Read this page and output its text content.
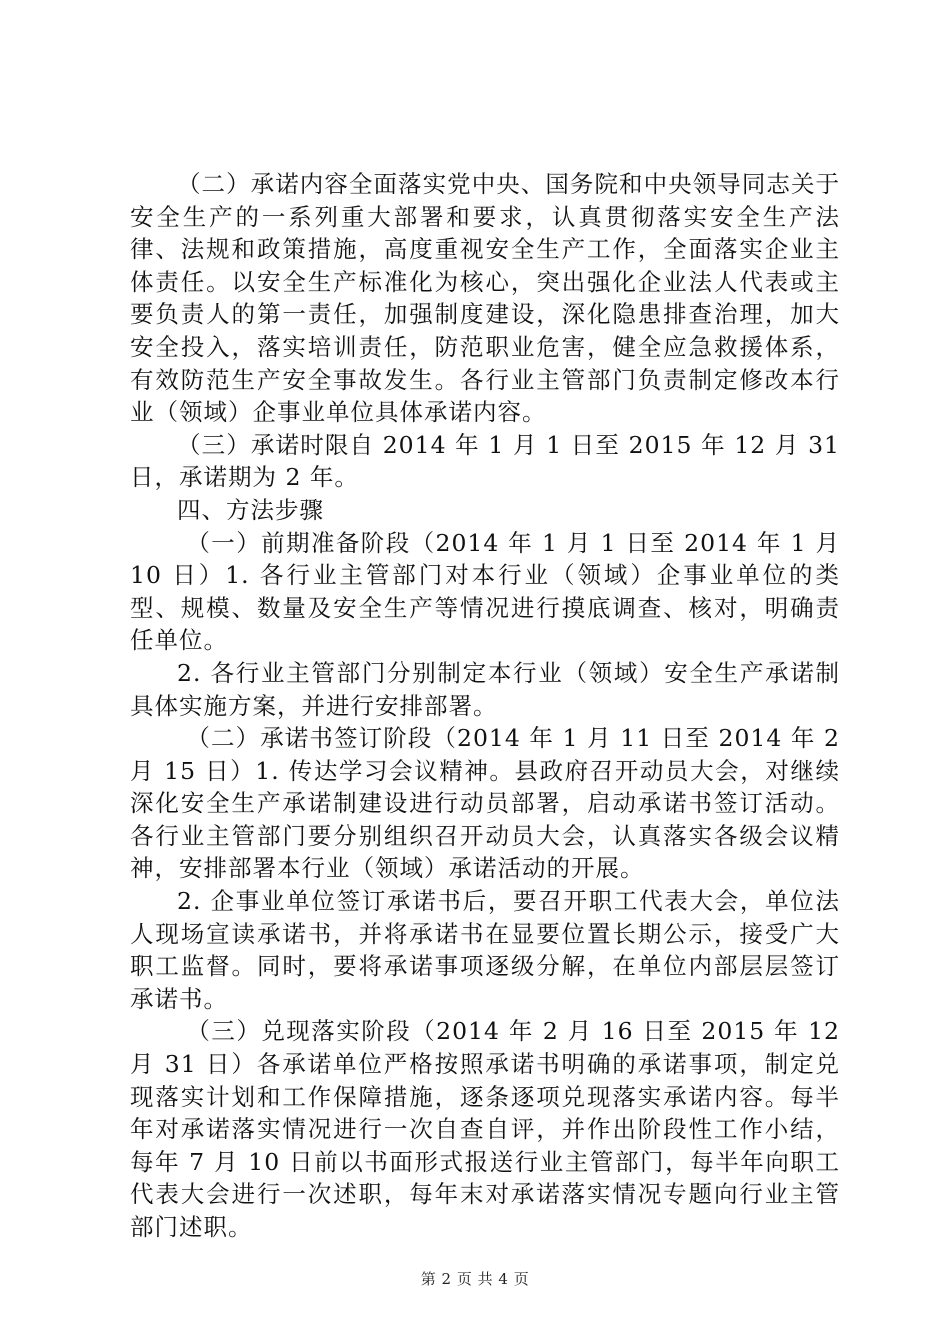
（二）承诺内容全面落实党中央、国务院和中央领导同志关于安全生产的一系列重大部署和要求，认真贯彻落实安全生产法律、法规和政策措施，高度重视安全生产工作，全面落实企业主体责任。以安全生产标准化为核心，突出强化企业法人代表或主要负责人的第一责任，加强制度建设，深化隐患排查治理，加大安全投入，落实培训责任，防范职业危害，健全应急救援体系，有效防范生产安全事故发生。各行业主管部门负责制定修改本行业（领域）企事业单位具体承诺内容。

（三）承诺时限自 2014 年 1 月 1 日至 2015 年 12 月 31 日，承诺期为 2 年。

四、方法步骤

（一）前期准备阶段（2014 年 1 月 1 日至 2014 年 1 月 10 日）1. 各行业主管部门对本行业（领域）企事业单位的类型、规模、数量及安全生产等情况进行摸底调查、核对，明确责任单位。

2. 各行业主管部门分别制定本行业（领域）安全生产承诺制具体实施方案，并进行安排部署。

（二）承诺书签订阶段（2014 年 1 月 11 日至 2014 年 2 月 15 日）1. 传达学习会议精神。县政府召开动员大会，对继续深化安全生产承诺制建设进行动员部署，启动承诺书签订活动。各行业主管部门要分别组织召开动员大会，认真落实各级会议精神，安排部署本行业（领域）承诺活动的开展。

2. 企事业单位签订承诺书后，要召开职工代表大会，单位法人现场宣读承诺书，并将承诺书在显要位置长期公示，接受广大职工监督。同时，要将承诺事项逐级分解，在单位内部层层签订承诺书。

（三）兑现落实阶段（2014 年 2 月 16 日至 2015 年 12 月 31 日）各承诺单位严格按照承诺书明确的承诺事项，制定兑现落实计划和工作保障措施，逐条逐项兑现落实承诺内容。每半年对承诺落实情况进行一次自查自评，并作出阶段性工作小结，每年 7 月 10 日前以书面形式报送行业主管部门，每半年向职工代表大会进行一次述职，每年末对承诺落实情况专题向行业主管部门述职。

第 2 页 共 4 页
